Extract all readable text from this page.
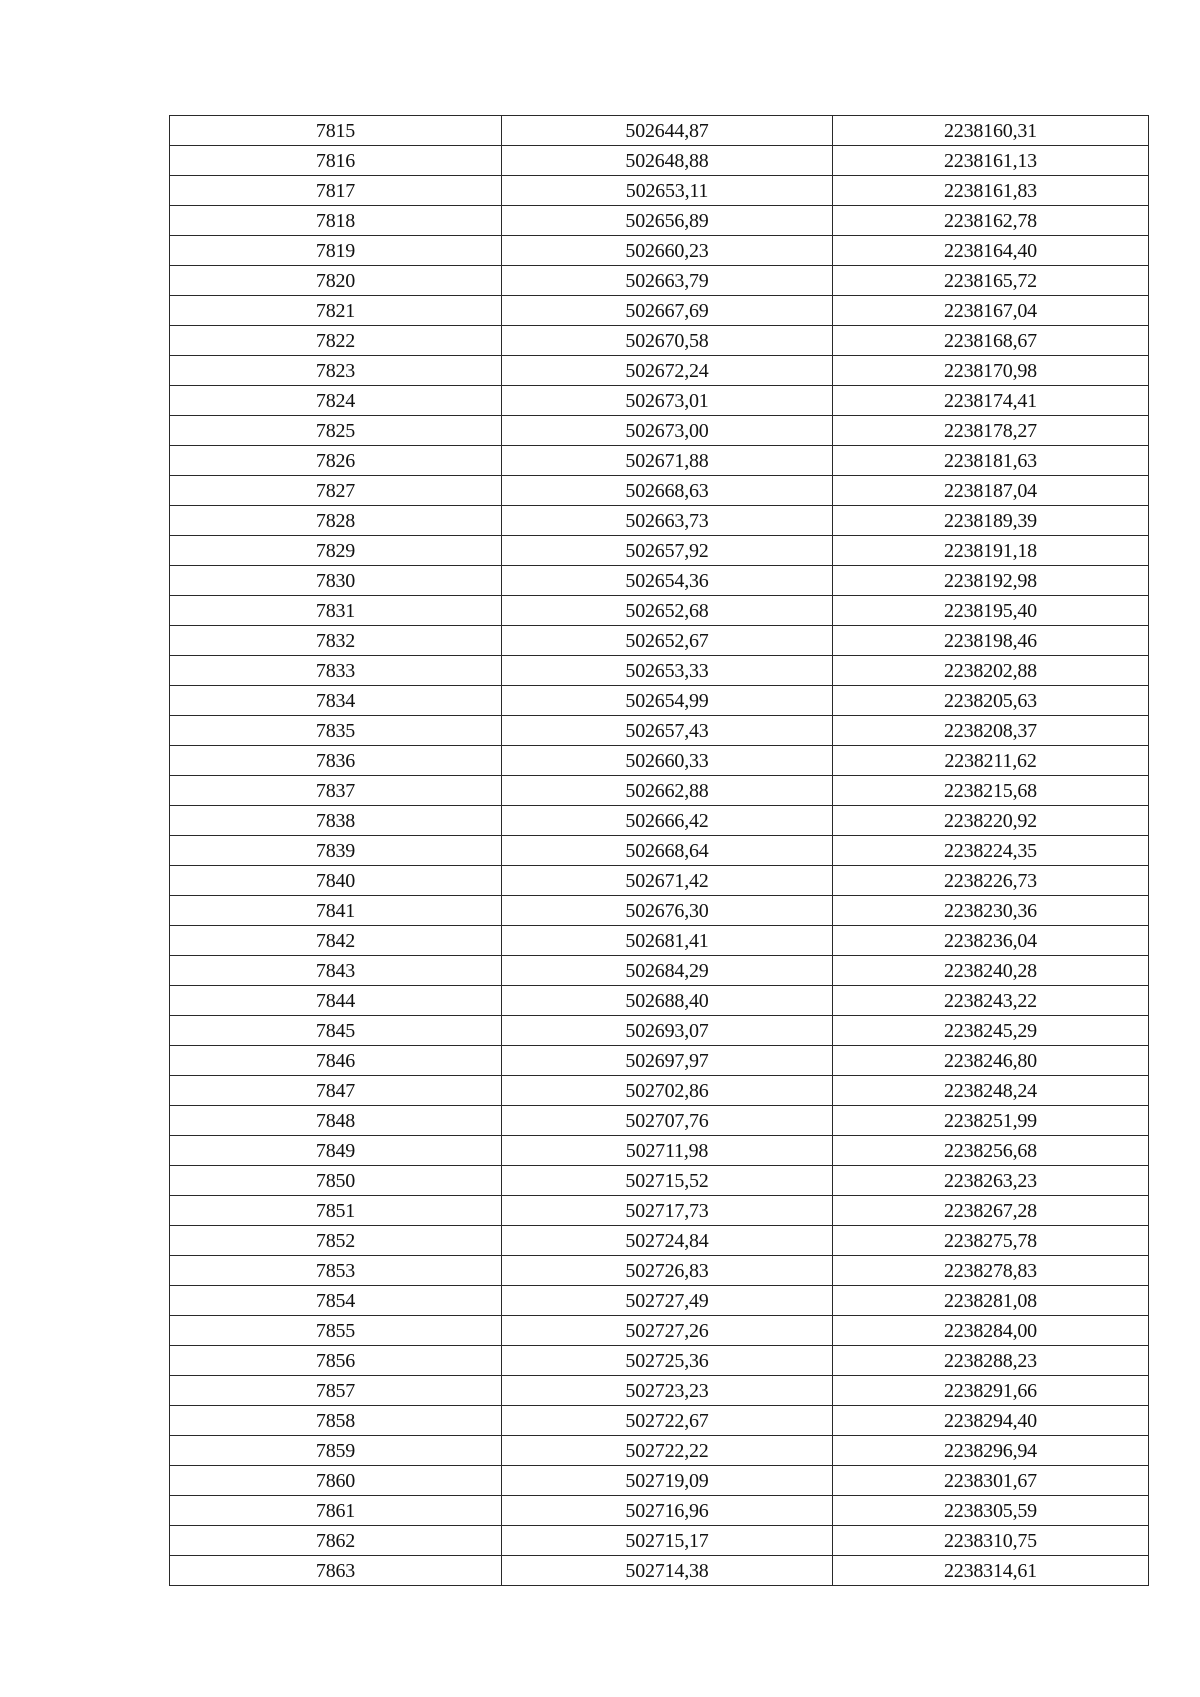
7815	502644,87	2238160,31
7816	502648,88	2238161,13
7817	502653,11	2238161,83
7818	502656,89	2238162,78
7819	502660,23	2238164,40
7820	502663,79	2238165,72
7821	502667,69	2238167,04
7822	502670,58	2238168,67
7823	502672,24	2238170,98
7824	502673,01	2238174,41
7825	502673,00	2238178,27
7826	502671,88	2238181,63
7827	502668,63	2238187,04
7828	502663,73	2238189,39
7829	502657,92	2238191,18
7830	502654,36	2238192,98
7831	502652,68	2238195,40
7832	502652,67	2238198,46
7833	502653,33	2238202,88
7834	502654,99	2238205,63
7835	502657,43	2238208,37
7836	502660,33	2238211,62
7837	502662,88	2238215,68
7838	502666,42	2238220,92
7839	502668,64	2238224,35
7840	502671,42	2238226,73
7841	502676,30	2238230,36
7842	502681,41	2238236,04
7843	502684,29	2238240,28
7844	502688,40	2238243,22
7845	502693,07	2238245,29
7846	502697,97	2238246,80
7847	502702,86	2238248,24
7848	502707,76	2238251,99
7849	502711,98	2238256,68
7850	502715,52	2238263,23
7851	502717,73	2238267,28
7852	502724,84	2238275,78
7853	502726,83	2238278,83
7854	502727,49	2238281,08
7855	502727,26	2238284,00
7856	502725,36	2238288,23
7857	502723,23	2238291,66
7858	502722,67	2238294,40
7859	502722,22	2238296,94
7860	502719,09	2238301,67
7861	502716,96	2238305,59
7862	502715,17	2238310,75
7863	502714,38	2238314,61
